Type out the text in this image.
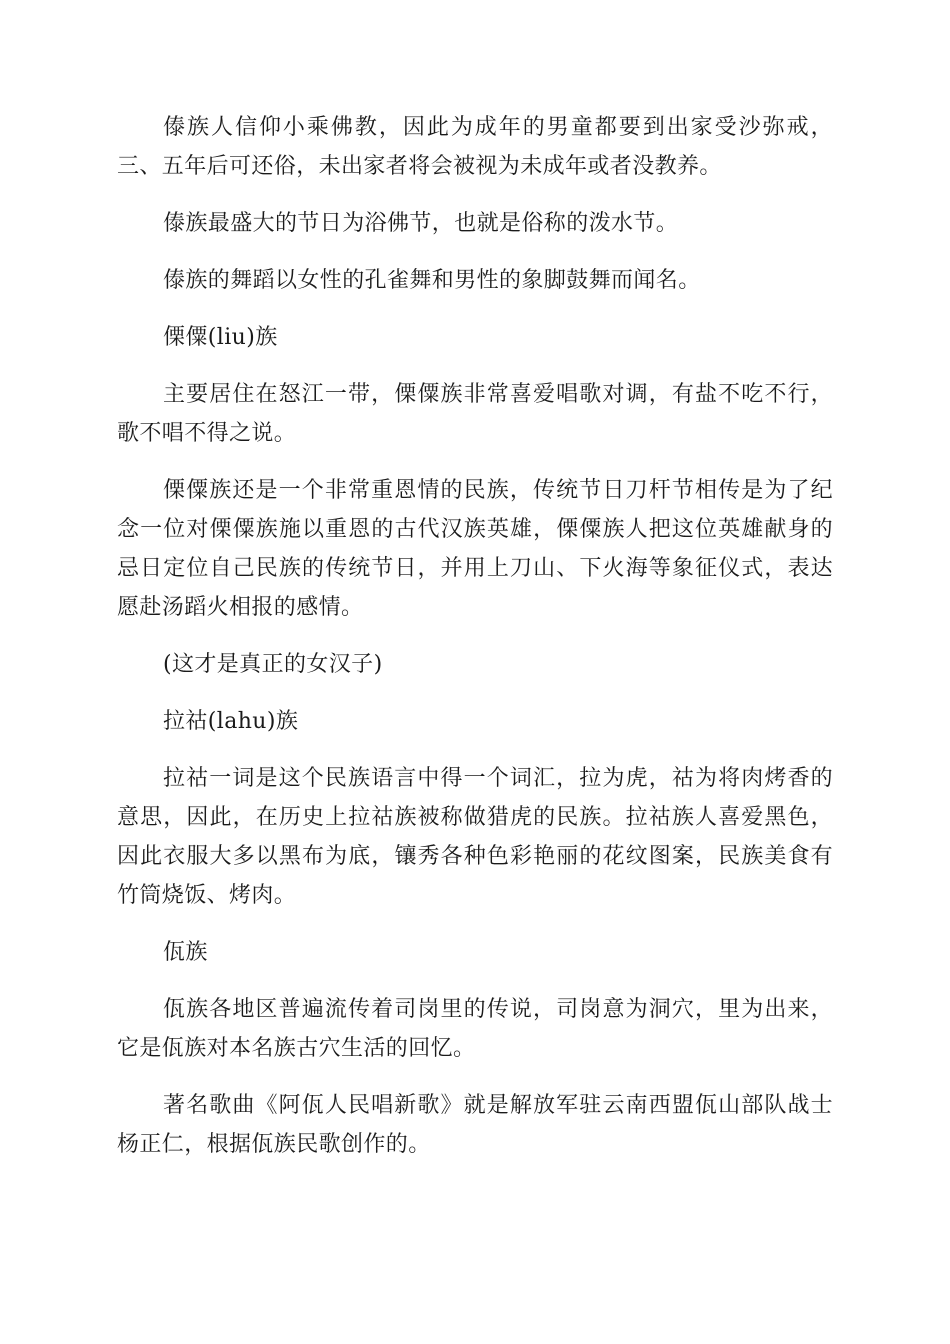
傣族人信仰小乘佛教，因此为成年的男童都要到出家受沙弥戒，三、五年后可还俗，未出家者将会被视为未成年或者没教养。

傣族最盛大的节日为浴佛节，也就是俗称的泼水节。

傣族的舞蹈以女性的孔雀舞和男性的象脚鼓舞而闻名。

傈僳(liu)族

主要居住在怒江一带，傈僳族非常喜爱唱歌对调，有盐不吃不行，歌不唱不得之说。

傈僳族还是一个非常重恩情的民族，传统节日刀杆节相传是为了纪念一位对傈僳族施以重恩的古代汉族英雄，傈僳族人把这位英雄献身的忌日定位自己民族的传统节日，并用上刀山、下火海等象征仪式，表达愿赴汤蹈火相报的感情。

(这才是真正的女汉子)

拉祜(lahu)族

拉祜一词是这个民族语言中得一个词汇，拉为虎，祜为将肉烤香的意思，因此，在历史上拉祜族被称做猎虎的民族。拉祜族人喜爱黑色，因此衣服大多以黑布为底，镶秀各种色彩艳丽的花纹图案，民族美食有竹筒烧饭、烤肉。

佤族

佤族各地区普遍流传着司岗里的传说，司岗意为洞穴，里为出来，它是佤族对本名族古穴生活的回忆。

著名歌曲《阿佤人民唱新歌》就是解放军驻云南西盟佤山部队战士杨正仁，根据佤族民歌创作的。
